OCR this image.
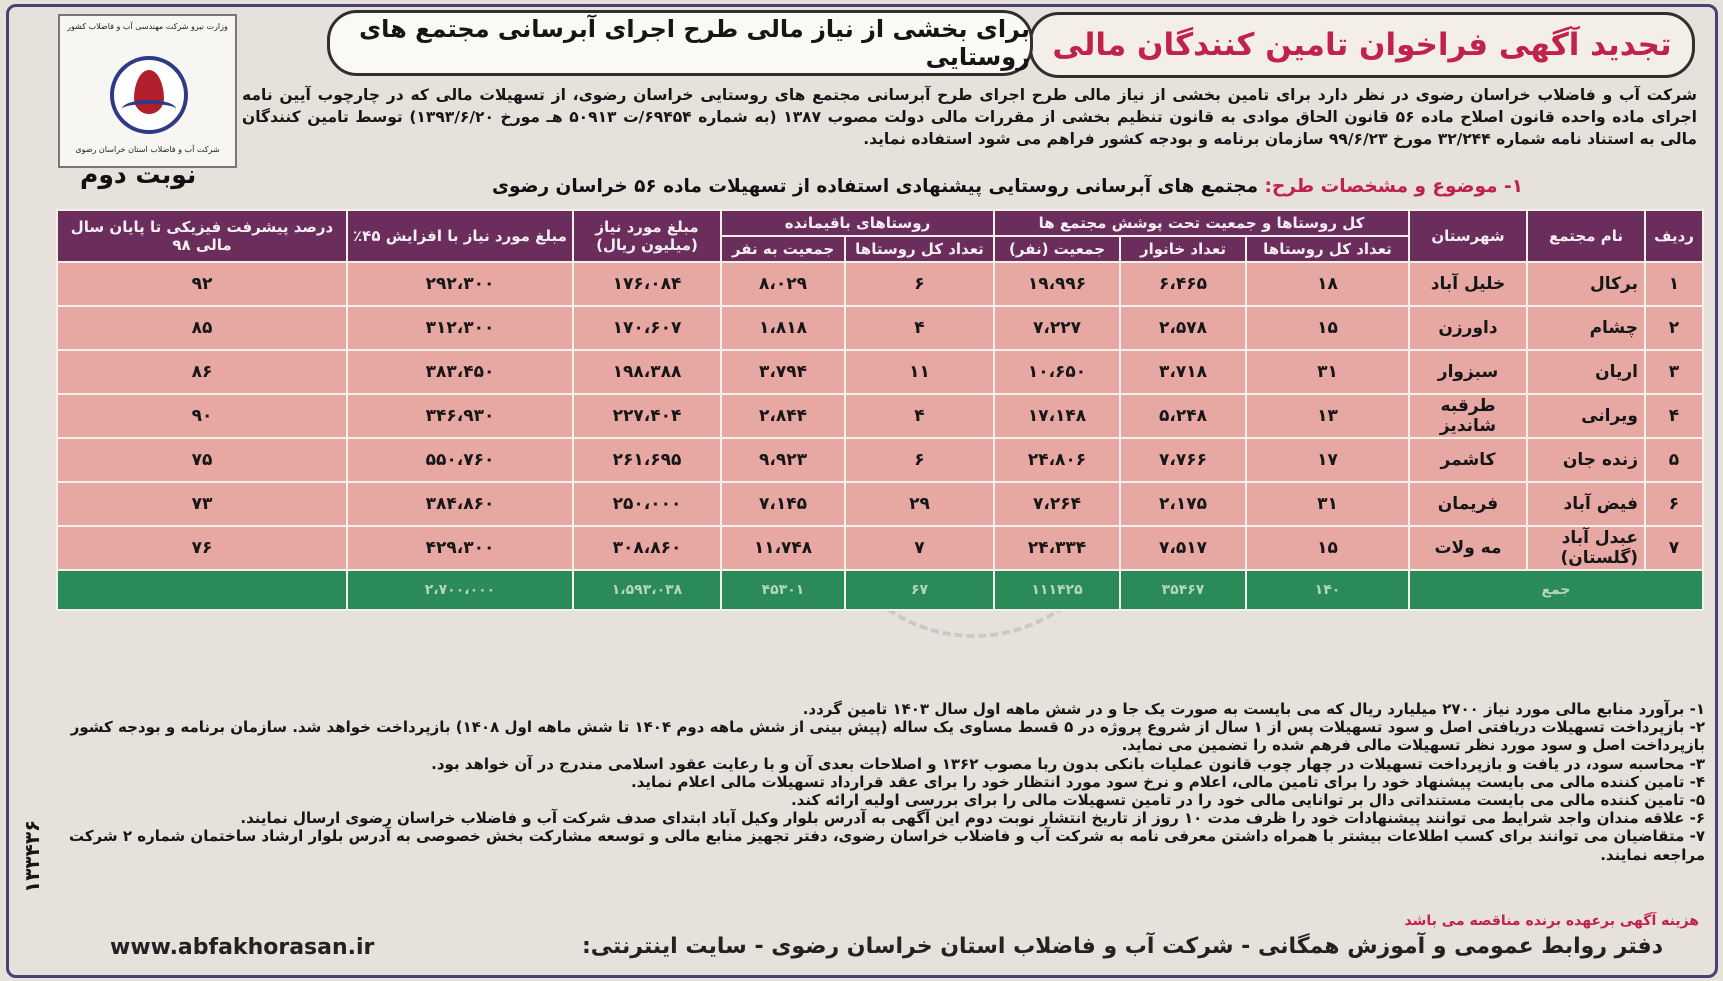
تجدید آگهی فراخوان تامین کنندگان مالی
برای بخشی از نیاز مالی طرح اجرای آبرسانی مجتمع های روستایی
وزارت نیرو شرکت مهندسی آب و فاضلاب کشور
شرکت آب و فاضلاب استان خراسان رضوی
شرکت آب و فاضلاب خراسان رضوی در نظر دارد برای تامین بخشی از نیاز مالی طرح اجرای طرح آبرسانی مجتمع های روستایی خراسان رضوی، از تسهیلات مالی که در چارچوب آیین نامه اجرای ماده واحده قانون اصلاح ماده ۵۶ قانون الحاق موادی به قانون تنظیم بخشی از مقررات مالی دولت مصوب ۱۳۸۷ (به شماره ۶۹۴۵۴/ت ۵۰۹۱۳ هـ مورخ ۱۳۹۳/۶/۲۰) توسط تامین کنندگان مالی به استناد نامه شماره ۳۲/۲۴۴ مورخ ۹۹/۶/۲۳ سازمان برنامه و بودجه کشور فراهم می شود استفاده نماید.
نوبت دوم	۱- موضوع و مشخصات طرح: مجتمع های آبرسانی روستایی پیشنهادی استفاده از تسهیلات ماده ۵۶ خراسان رضوی
ردیف	نام مجتمع	شهرستان	کل روستاها و جمعیت تحت پوشش مجتمع ها			روستاهای باقیمانده		مبلغ مورد نیاز (میلیون ریال)	مبلغ مورد نیاز با افزایش ۴۵٪	درصد پیشرفت فیزیکی تا پایان سال مالی ۹۸
			تعداد کل روستاها	تعداد خانوار	جمعیت (نفر)	تعداد کل روستاها	جمعیت به نفر			
۱	برکال	خلیل آباد	۱۸	۶،۴۶۵	۱۹،۹۹۶	۶	۸،۰۲۹	۱۷۶،۰۸۴	۲۹۲،۳۰۰	۹۲
۲	چشام	داورزن	۱۵	۲،۵۷۸	۷،۲۲۷	۴	۱،۸۱۸	۱۷۰،۶۰۷	۳۱۲،۳۰۰	۸۵
۳	اریان	سبزوار	۳۱	۳،۷۱۸	۱۰،۶۵۰	۱۱	۳،۷۹۴	۱۹۸،۳۸۸	۳۸۳،۴۵۰	۸۶
۴	ویرانی	طرقبه شاندیز	۱۳	۵،۲۴۸	۱۷،۱۴۸	۴	۲،۸۴۴	۲۲۷،۴۰۴	۳۴۶،۹۳۰	۹۰
۵	زنده جان	کاشمر	۱۷	۷،۷۶۶	۲۴،۸۰۶	۶	۹،۹۲۳	۲۶۱،۶۹۵	۵۵۰،۷۶۰	۷۵
۶	فیض آباد	فریمان	۳۱	۲،۱۷۵	۷،۲۶۴	۲۹	۷،۱۴۵	۲۵۰،۰۰۰	۳۸۴،۸۶۰	۷۳
۷	عبدل آباد (گلستان)	مه ولات	۱۵	۷،۵۱۷	۲۴،۳۳۴	۷	۱۱،۷۴۸	۳۰۸،۸۶۰	۴۲۹،۳۰۰	۷۶
جمع			۱۴۰	۳۵۴۶۷	۱۱۱۴۲۵	۶۷	۴۵۳۰۱	۱،۵۹۳،۰۳۸	۲،۷۰۰،۰۰۰	

۱- برآورد منابع مالی مورد نیاز ۲۷۰۰ میلیارد ریال که می بایست به صورت یک جا و در شش ماهه اول سال ۱۴۰۳ تامین گردد.

۲- بازپرداخت تسهیلات دریافتی اصل و سود تسهیلات پس از ۱ سال از شروع پروژه در ۵ قسط مساوی یک ساله (پیش بینی از شش ماهه دوم ۱۴۰۴ تا شش ماهه اول ۱۴۰۸) بازپرداخت خواهد شد. سازمان برنامه و بودجه کشور بازپرداخت اصل و سود مورد نظر تسهیلات مالی فرهم شده را تضمین می نماید.

۳- محاسبه سود، در یافت و بازپرداخت تسهیلات در چهار چوب قانون عملیات بانکی بدون ربا مصوب ۱۳۶۲ و اصلاحات بعدی آن و با رعایت عقود اسلامی مندرج در آن خواهد بود.

۴- تامین کننده مالی می بایست پیشنهاد خود را برای تامین مالی، اعلام و نرخ سود مورد انتظار خود را برای عقد قرارداد تسهیلات مالی اعلام نماید.

۵- تامین کننده مالی می بایست مستنداتی دال بر توانایی مالی خود را در تامین تسهیلات مالی را برای بررسی اولیه ارائه کند.

۶- علاقه مندان واجد شرایط می توانند پیشنهادات خود را ظرف مدت ۱۰ روز از تاریخ انتشار نوبت دوم این آگهی به آدرس بلوار وکیل آباد ابتدای صدف شرکت آب و فاضلاب خراسان رضوی ارسال نمایند.

۷- متقاضیان می توانند برای کسب اطلاعات بیشتر با همراه داشتن معرفی نامه به شرکت آب و فاضلاب خراسان رضوی، دفتر تجهیز منابع مالی و توسعه مشارکت بخش خصوصی به آدرس بلوار ارشاد ساختمان شماره ۲ شرکت مراجعه نمایند.

هزینه آگهی برعهده برنده مناقصه می باشد
دفتر روابط عمومی و آموزش همگانی - شرکت آب و فاضلاب استان خراسان رضوی - سایت اینترنتی:
www.abfakhorasan.ir
۱۳۳۴۳۶
